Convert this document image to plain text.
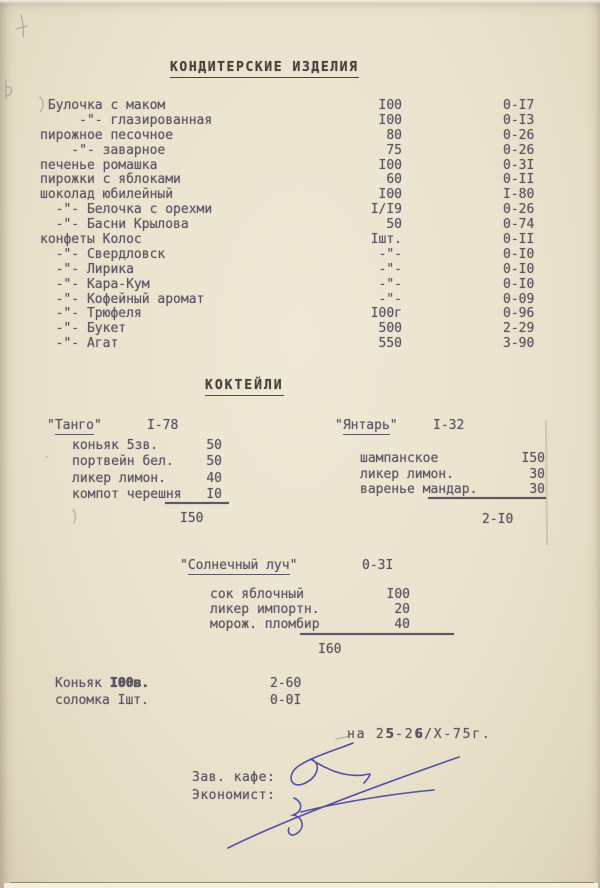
КОНДИТЕРСКИЕ ИЗДЕЛИЯ
Булочка с маком	I00	0-I7
-"- глазированная	I00	0-I3
пирожное песочное	80	0-26
-"- заварное	75	0-26
печенье ромашка	I00	0-3I
пирожки с яблоками	60	0-II
шоколад юбилейный	I00	I-80
-"- Белочка с орехми	I/I9	0-26
-"- Басни Крылова	50	0-74
конфеты Колос	Iшт.	0-II
-"- Свердловск	-"-	0-I0
-"- Лирика	-"-	0-I0
-"- Кара-Кум	-"-	0-I0
-"- Кофейный аромат	-"-	0-09
-"- Трюфеля	I00г	0-96
-"- Букет	500	2-29
-"- Агат	550	3-90
КОКТЕЙЛИ
"Танго"	I-78
коньяк 5зв.	50
портвейн бел.	50
ликер лимон.	40
компот черешня I0
I50
"Янтарь"	I-32
шампанское	I50
ликер лимон.	30
варенье мандар.	30
2-I0
"Солнечный луч"	0-3I
сок яблочный	I00
ликер импортн.	20
морож. пломбир	40
I60
Коньяк I00в.	2-60
соломка Iшт.	0-0I
на 25-26/Х-75г.
Зав. кафе:
Экономист:
